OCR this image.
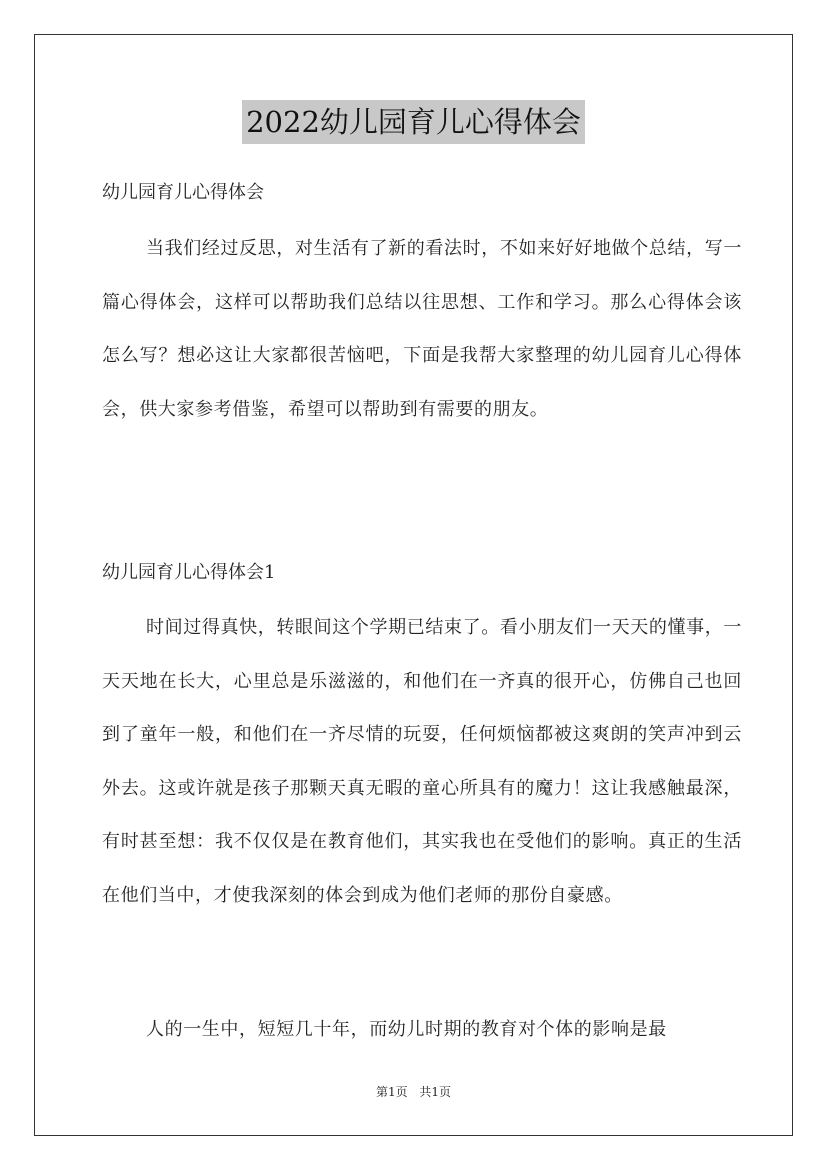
2022幼儿园育儿心得体会
幼儿园育儿心得体会

当我们经过反思，对生活有了新的看法时，不如来好好地做个总结，写一篇心得体会，这样可以帮助我们总结以往思想、工作和学习。那么心得体会该怎么写？想必这让大家都很苦恼吧，下面是我帮大家整理的幼儿园育儿心得体会，供大家参考借鉴，希望可以帮助到有需要的朋友。

幼儿园育儿心得体会1

时间过得真快，转眼间这个学期已结束了。看小朋友们一天天的懂事，一天天地在长大，心里总是乐滋滋的，和他们在一齐真的很开心，仿佛自己也回到了童年一般，和他们在一齐尽情的玩耍，任何烦恼都被这爽朗的笑声冲到云外去。这或许就是孩子那颗天真无暇的童心所具有的魔力！这让我感触最深，有时甚至想：我不仅仅是在教育他们，其实我也在受他们的影响。真正的生活在他们当中，才使我深刻的体会到成为他们老师的那份自豪感。

人的一生中，短短几十年，而幼儿时期的教育对个体的影响是最

第1页 共1页
